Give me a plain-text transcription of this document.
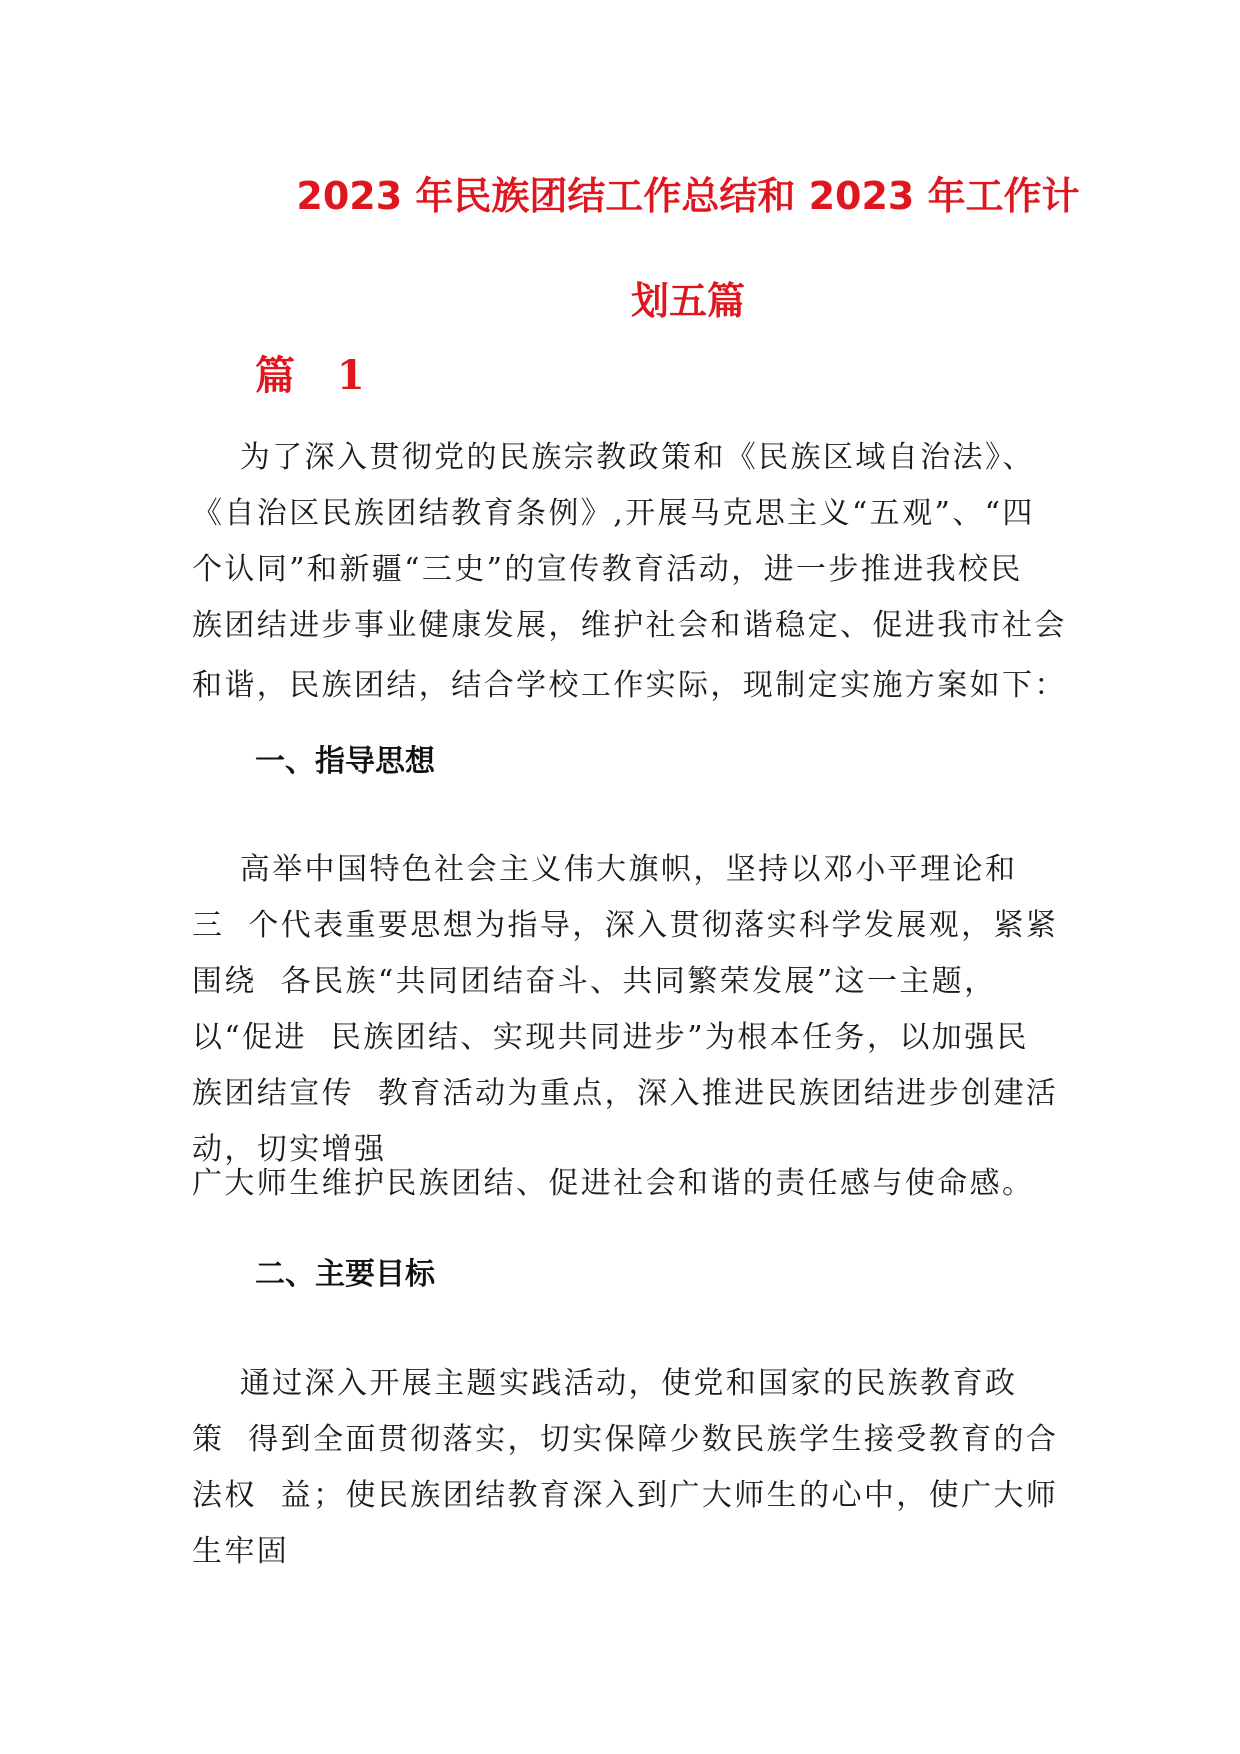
2023 年民族团结工作总结和 2023 年工作计
划五篇
篇 1
为了深入贯彻党的民族宗教政策和《民族区域自治法》、
《自治区民族团结教育条例》,开展马克思主义“五观”、“四
个认同”和新疆“三史”的宣传教育活动，进一步推进我校民
族团结进步事业健康发展，维护社会和谐稳定、促进我市社会
和谐，民族团结，结合学校工作实际，现制定实施方案如下：
一、指导思想
高举中国特色社会主义伟大旗帜，坚持以邓小平理论和
三  个代表重要思想为指导，深入贯彻落实科学发展观，紧紧
围绕  各民族“共同团结奋斗、共同繁荣发展”这一主题，
以“促进  民族团结、实现共同进步”为根本任务，以加强民
族团结宣传  教育活动为重点，深入推进民族团结进步创建活
动，切实增强
广大师生维护民族团结、促进社会和谐的责任感与使命感。
二、主要目标
通过深入开展主题实践活动，使党和国家的民族教育政
策  得到全面贯彻落实，切实保障少数民族学生接受教育的合
法权  益；使民族团结教育深入到广大师生的心中，使广大师
生牢固
